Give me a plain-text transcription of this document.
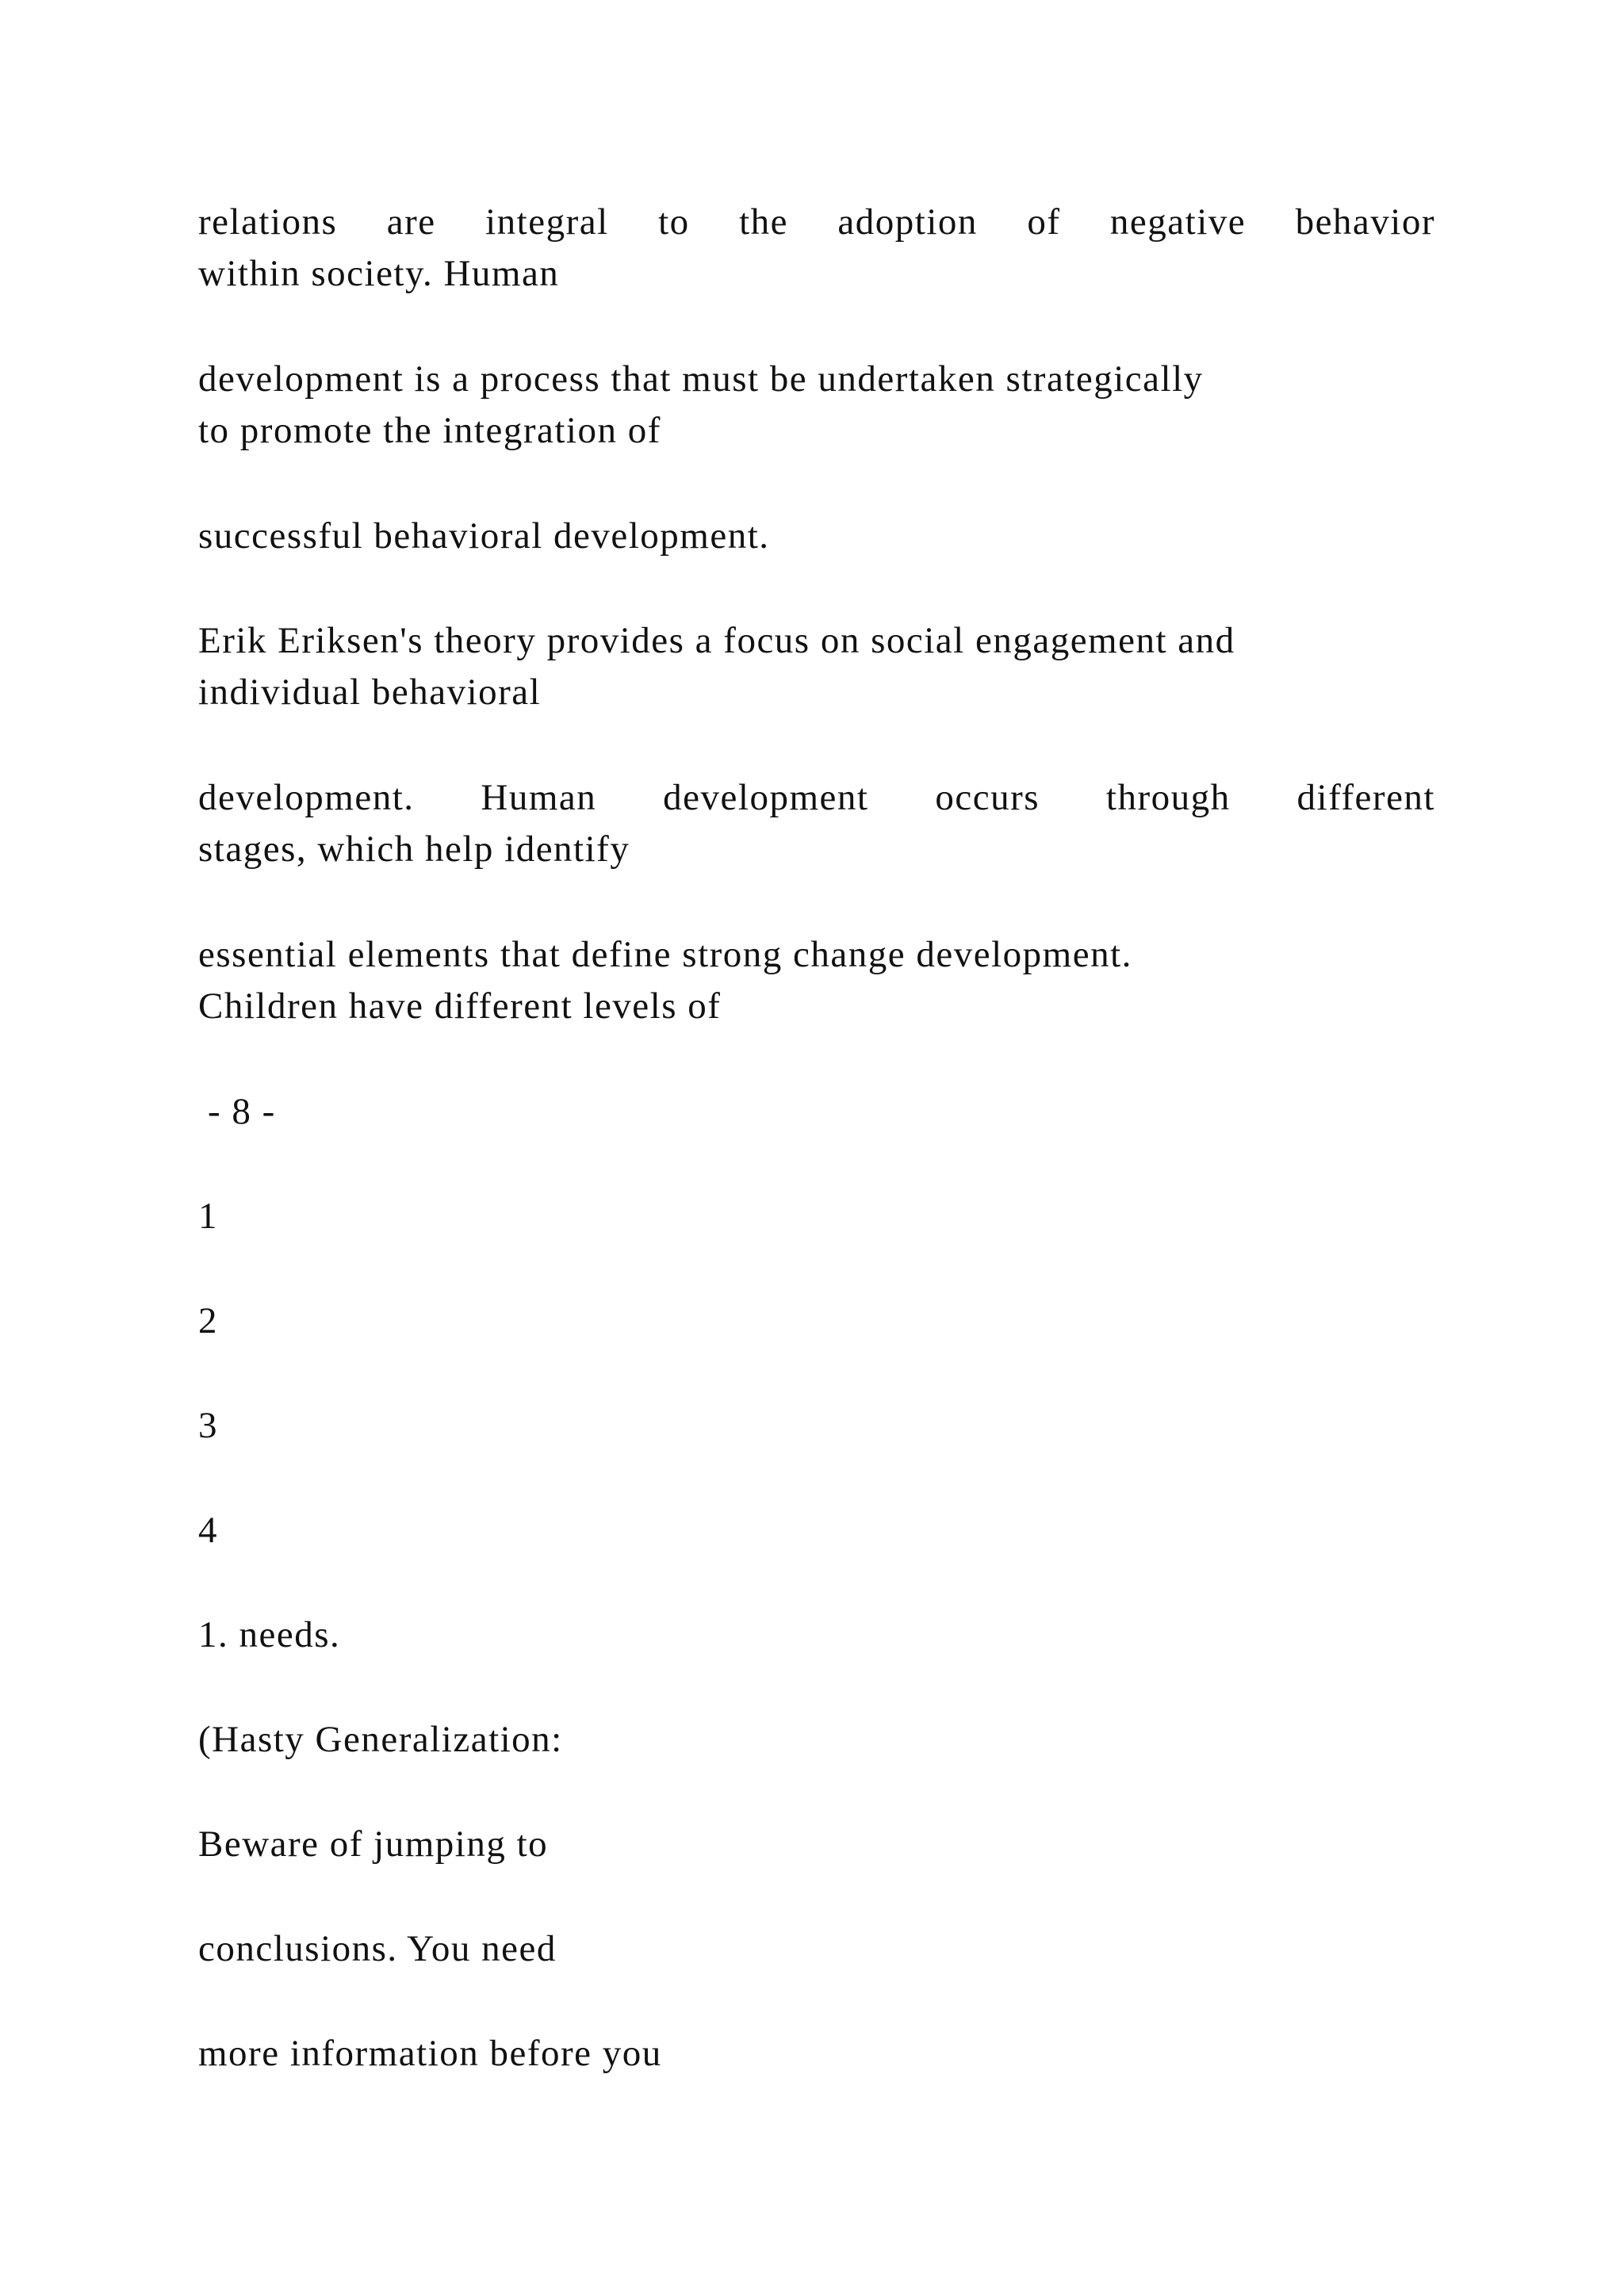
relations are integral to the adoption of negative behavior
within society. Human

development is a process that must be undertaken strategically
to promote the integration of

successful behavioral development.

Erik Eriksen's theory provides a focus on social engagement and
individual behavioral

development. Human development occurs through different
stages, which help identify

essential elements that define strong change development.
Children have different levels of

- 8 -

1

2

3

4

1. needs.

(Hasty Generalization:

Beware of jumping to

conclusions. You need

more information before you
